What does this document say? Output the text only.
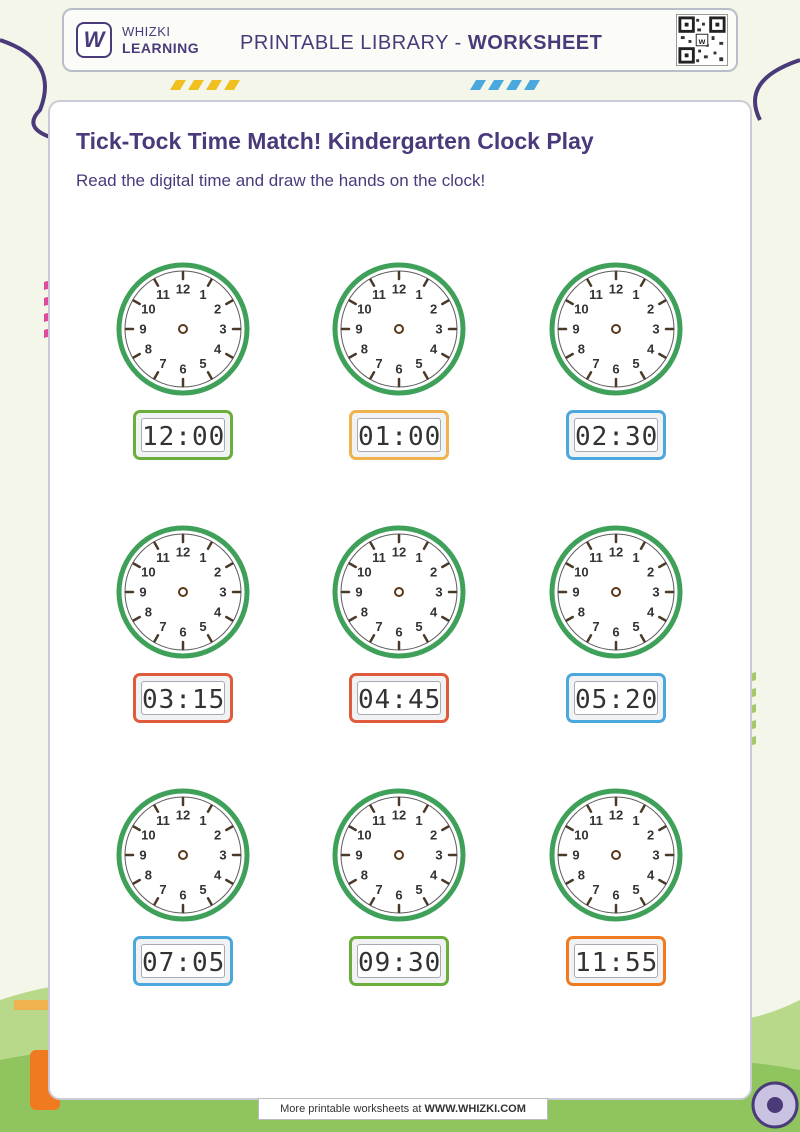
W	WHIZKI
LEARNING PRINTABLE LIBRARY - WORKSHEET	w
Tick-Tock Time Match! Kindergarten Clock Play
Read the digital time and draw the hands on the clock!
12 1
2
3
4
5
6
7
8
9
10
11
12:00
12 1
2
3
4
5
6
7
8
9
10
11
01:00
12 1
2
3
4
5
6
7
8
9
10
11
02:30
12 1
2
3
4
5
6
7
8
9
10
11
03:15
12 1
2
3
4
5
6
7
8
9
10
11
04:45
12 1
2
3
4
5
6
7
8
9
10
11
05:20
12 1
2
3
4
5
6
7
8
9
10
11
07:05
12 1
2
3
4
5
6
7
8
9
10
11
09:30
12 1
2
3
4
5
6
7
8
9
10
11
11:55
More printable worksheets at WWW.WHIZKI.COM
